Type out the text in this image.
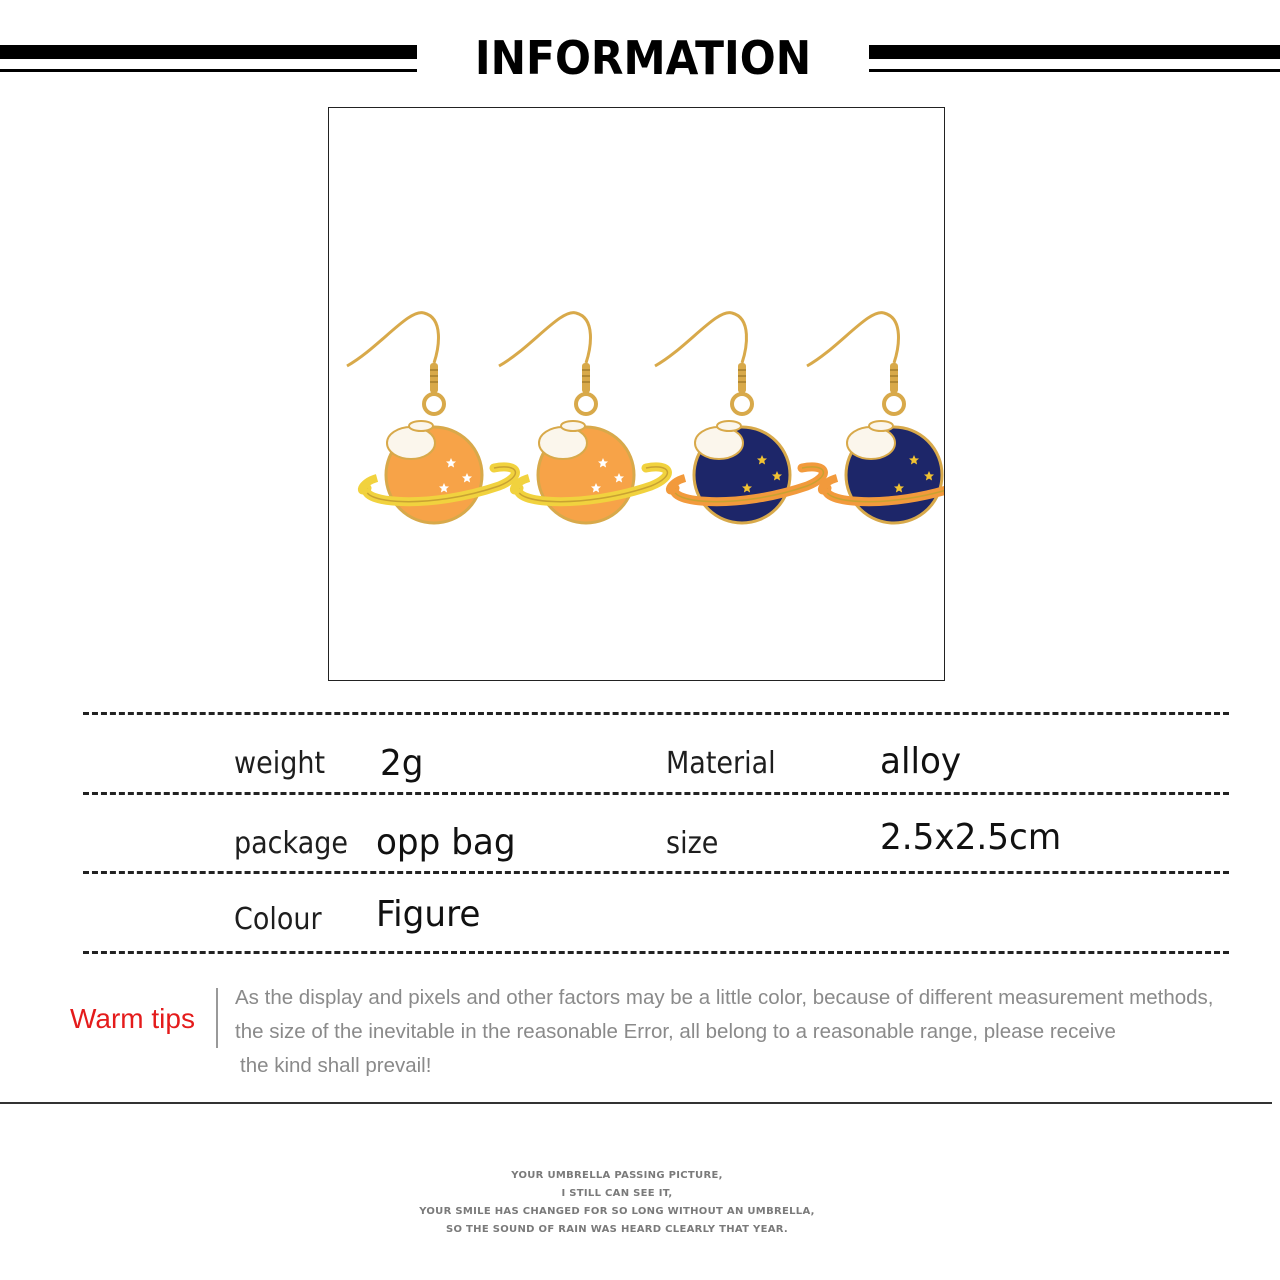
INFORMATION
weight 2g	Material	alloy
package opp bag	size	2.5x2.5cm
Colour Figure
Warm tips
As the display and pixels and other factors may be a little color, because of different measurement methods,
the size of the inevitable in the reasonable Error, all belong to a reasonable range, please receive
the kind shall prevail!
YOUR UMBRELLA PASSING PICTURE,
I STILL CAN SEE IT,
YOUR SMILE HAS CHANGED FOR SO LONG WITHOUT AN UMBRELLA,
SO THE SOUND OF RAIN WAS HEARD CLEARLY THAT YEAR.
